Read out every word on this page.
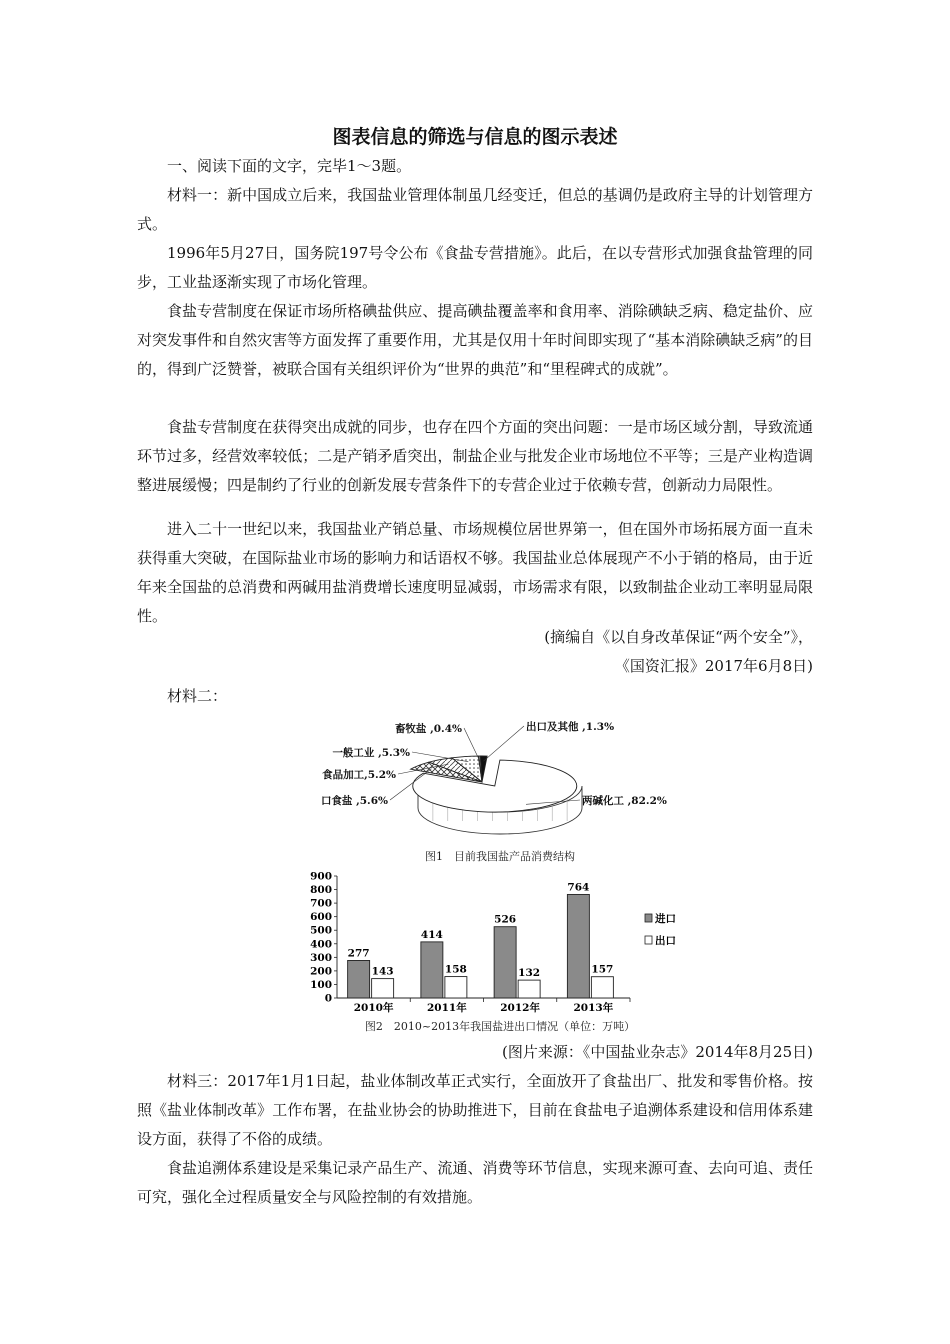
图表信息的筛选与信息的图示表述

一、阅读下面的文字，完毕1～3题。

材料一：新中国成立后来，我国盐业管理体制虽几经变迁，但总的基调仍是政府主导的计划管理方式。

1996年5月27日，国务院197号令公布《食盐专营措施》。此后，在以专营形式加强食盐管理的同步，工业盐逐渐实现了市场化管理。

食盐专营制度在保证市场所格碘盐供应、提高碘盐覆盖率和食用率、消除碘缺乏病、稳定盐价、应对突发事件和自然灾害等方面发挥了重要作用，尤其是仅用十年时间即实现了“基本消除碘缺乏病”的目的，得到广泛赞誉，被联合国有关组织评价为“世界的典范”和“里程碑式的成就”。

食盐专营制度在获得突出成就的同步，也存在四个方面的突出问题：一是市场区域分割，导致流通环节过多，经营效率较低；二是产销矛盾突出，制盐企业与批发企业市场地位不平等；三是产业构造调整进展缓慢；四是制约了行业的创新发展专营条件下的专营企业过于依赖专营，创新动力局限性。

进入二十一世纪以来，我国盐业产销总量、市场规模位居世界第一，但在国外市场拓展方面一直未获得重大突破，在国际盐业市场的影响力和话语权不够。我国盐业总体展现产不小于销的格局，由于近年来全国盐的总消费和两碱用盐消费增长速度明显减弱，市场需求有限，以致制盐企业动工率明显局限性。

(摘编自《以自身改革保证“两个安全”》，

《国资汇报》2017年6月8日)

材料二：

两碱化工 ,82.2%
口食盐 ,5.6%
食品加工,5.2%
一般工业 ,5.3%
畜牧盐 ,0.4%	出口及其他 ,1.3%
图1　目前我国盐产品消费结构
0
100
200
300
400
500
600
700
800
900
2010年	2011年	2012年	2013年
277
143
414
158
526
132
764
157
进口
出口
图2　2010~2013年我国盐进出口情况（单位：万吨）

(图片来源：《中国盐业杂志》2014年8月25日)

材料三：2017年1月1日起，盐业体制改革正式实行，全面放开了食盐出厂、批发和零售价格。按照《盐业体制改革》工作布署，在盐业协会的协助推进下，目前在食盐电子追溯体系建设和信用体系建设方面，获得了不俗的成绩。

食盐追溯体系建设是采集记录产品生产、流通、消费等环节信息，实现来源可查、去向可追、责任可究，强化全过程质量安全与风险控制的有效措施。
